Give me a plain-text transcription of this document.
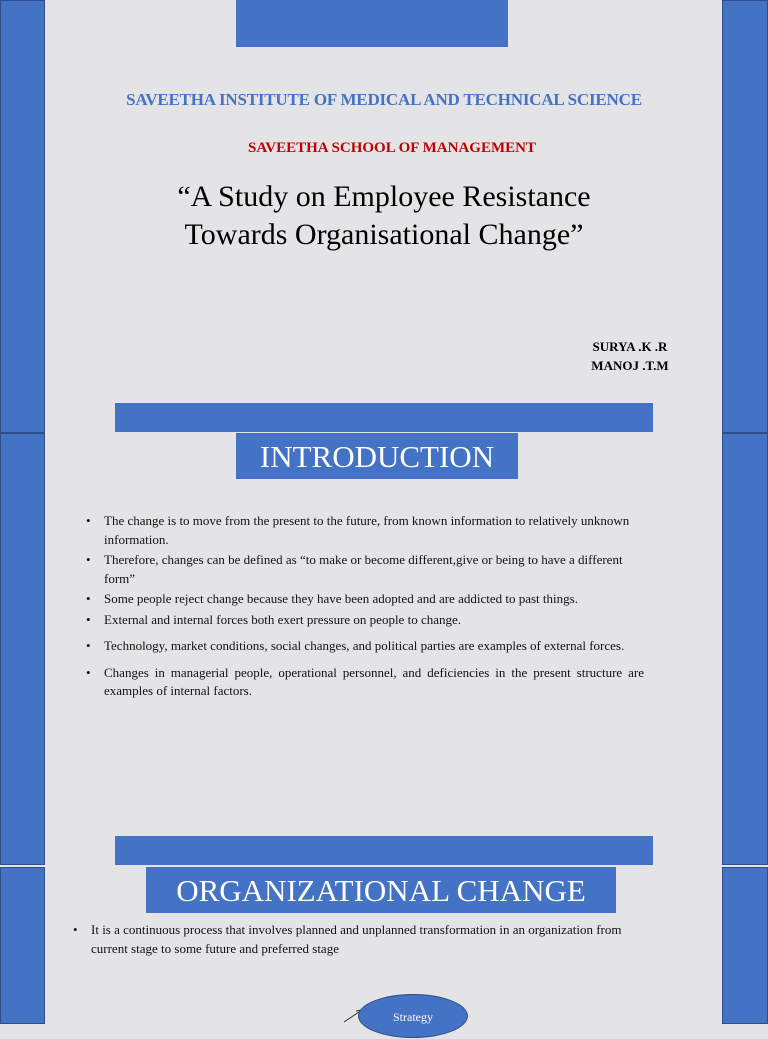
SAVEETHA INSTITUTE OF MEDICAL AND TECHNICAL SCIENCE
SAVEETHA SCHOOL OF MANAGEMENT
“A Study on Employee Resistance
Towards Organisational Change”
SURYA .K .R
MANOJ .T.M
INTRODUCTION
• The change is to move from the present to the future, from known information to relatively unknown information.
• Therefore, changes can be defined as “to make or become different,give or being to have a different form”
• Some people reject change because they have been adopted and are addicted to past things.
• External and internal forces both exert pressure on people to change.
• Technology, market conditions, social changes, and political parties are examples of external forces.
• Changes in managerial people, operational personnel, and deficiencies in the present structure are examples of internal factors.
ORGANIZATIONAL CHANGE
• It is a continuous process that involves planned and unplanned transformation in an organization from current stage to some future and preferred stage
Strategy
